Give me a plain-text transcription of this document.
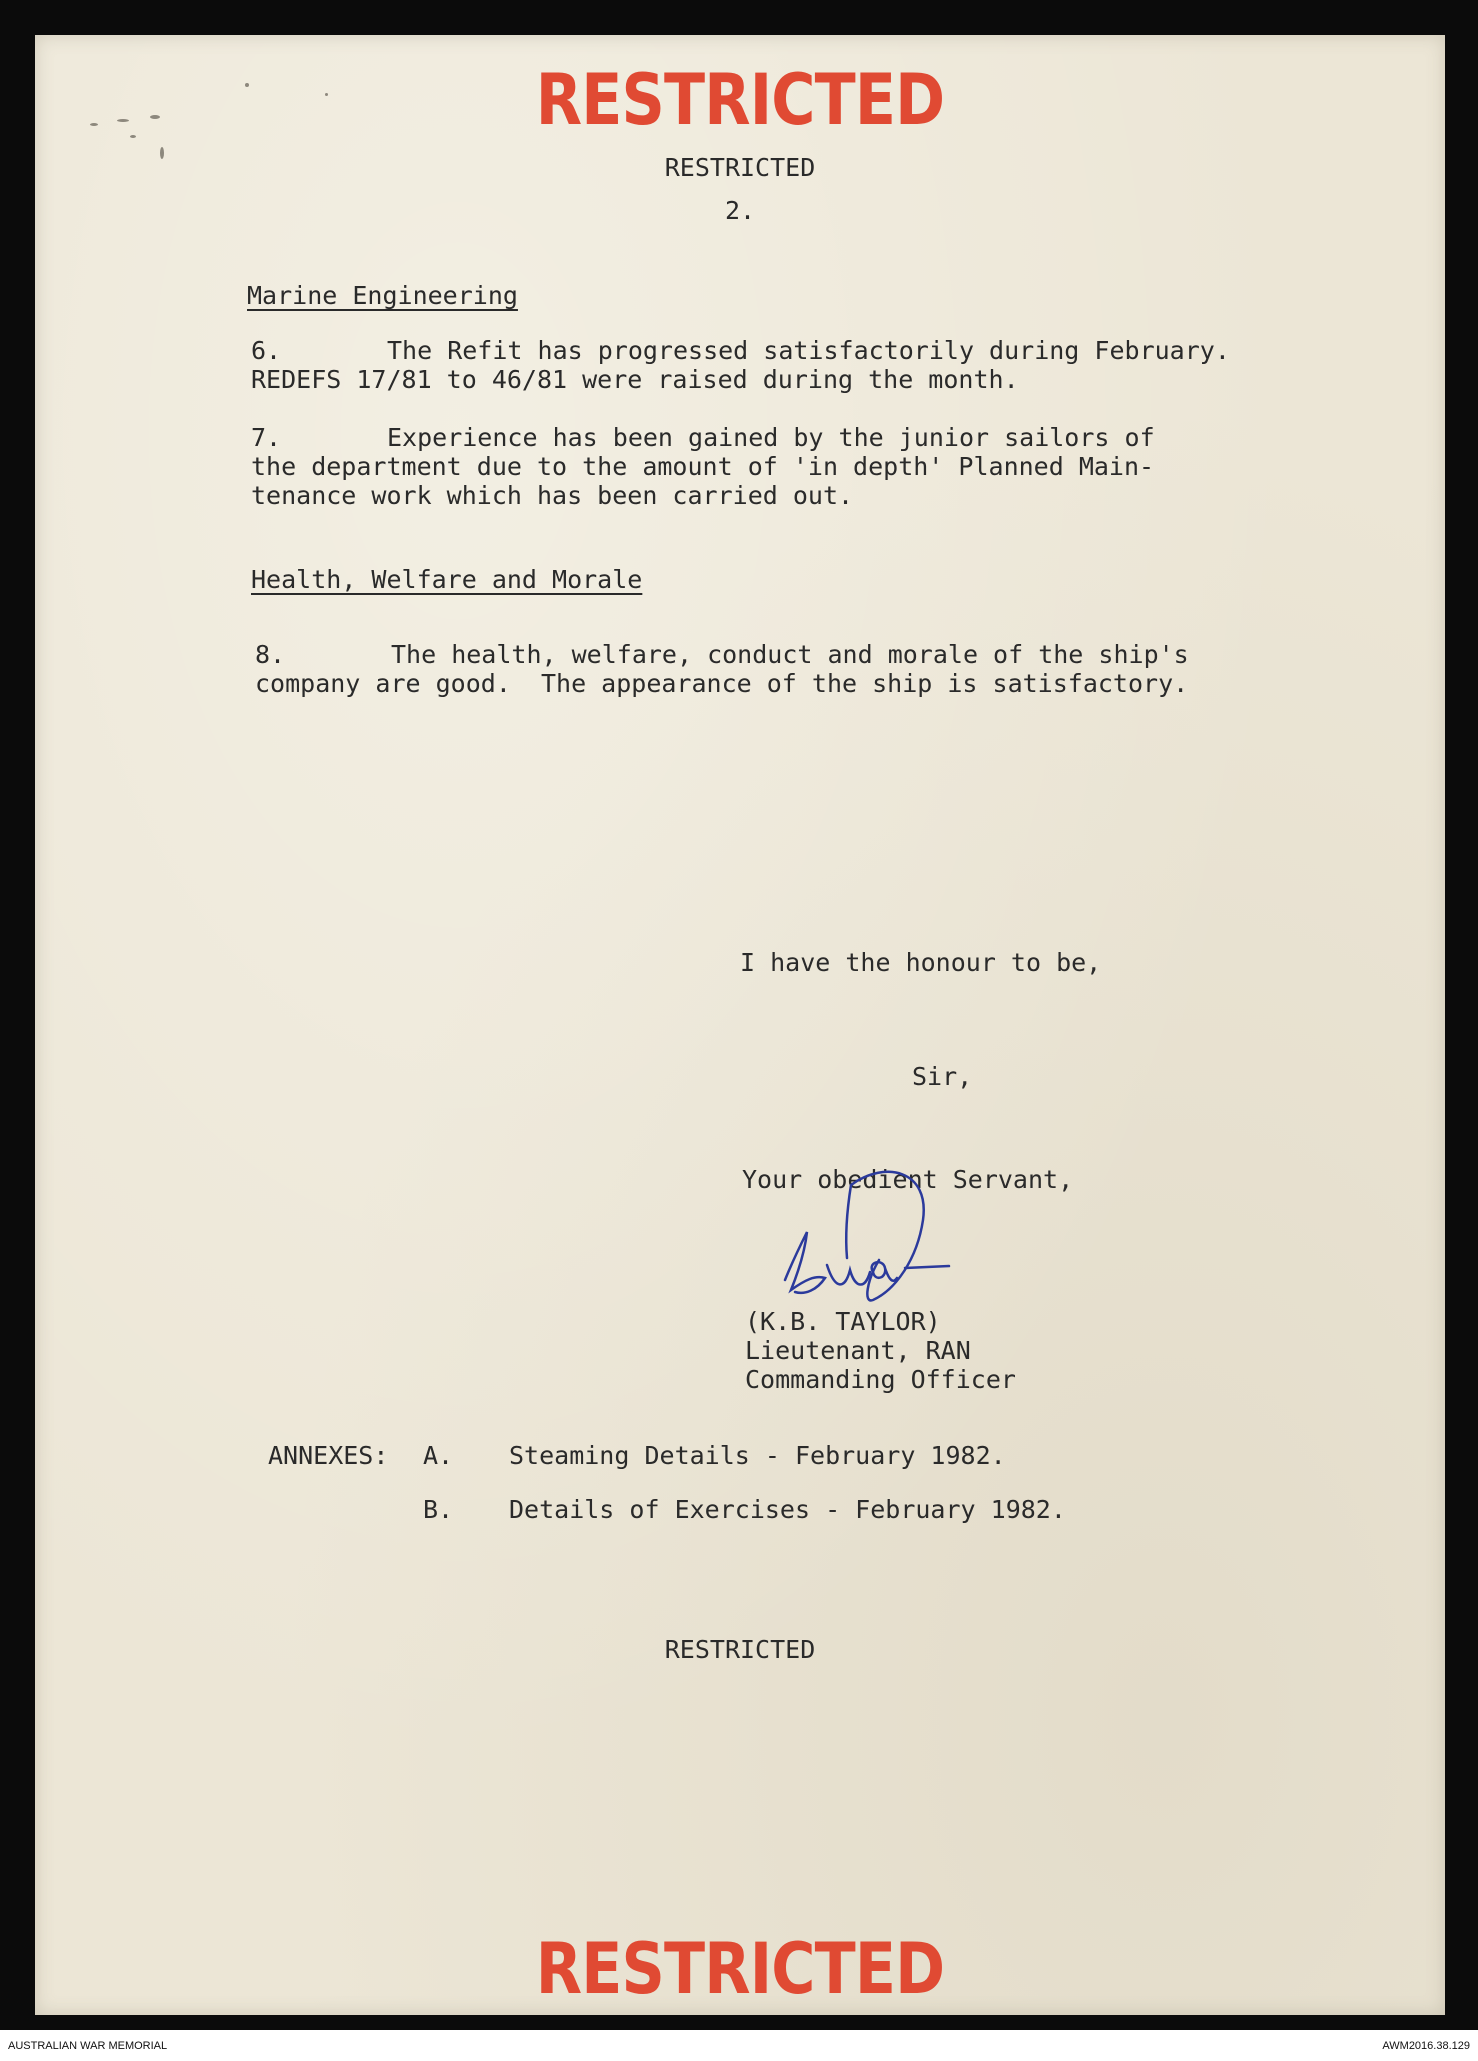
RESTRICTED
RESTRICTED
2.
Marine Engineering
6.	The Refit has progressed satisfactorily during February.
REDEFS 17/81 to 46/81 were raised during the month.
7.	Experience has been gained by the junior sailors of
the department due to the amount of 'in depth' Planned Main-
tenance work which has been carried out.
Health, Welfare and Morale
8.	The health, welfare, conduct and morale of the ship's
company are good.  The appearance of the ship is satisfactory.
I have the honour to be,
Sir,
Your obedient Servant,
(K.B. TAYLOR)
Lieutenant, RAN
Commanding Officer
ANNEXES: A. Steaming Details - February 1982.
B. Details of Exercises - February 1982.
RESTRICTED
RESTRICTED
AUSTRALIAN WAR MEMORIAL	AWM2016.38.129
